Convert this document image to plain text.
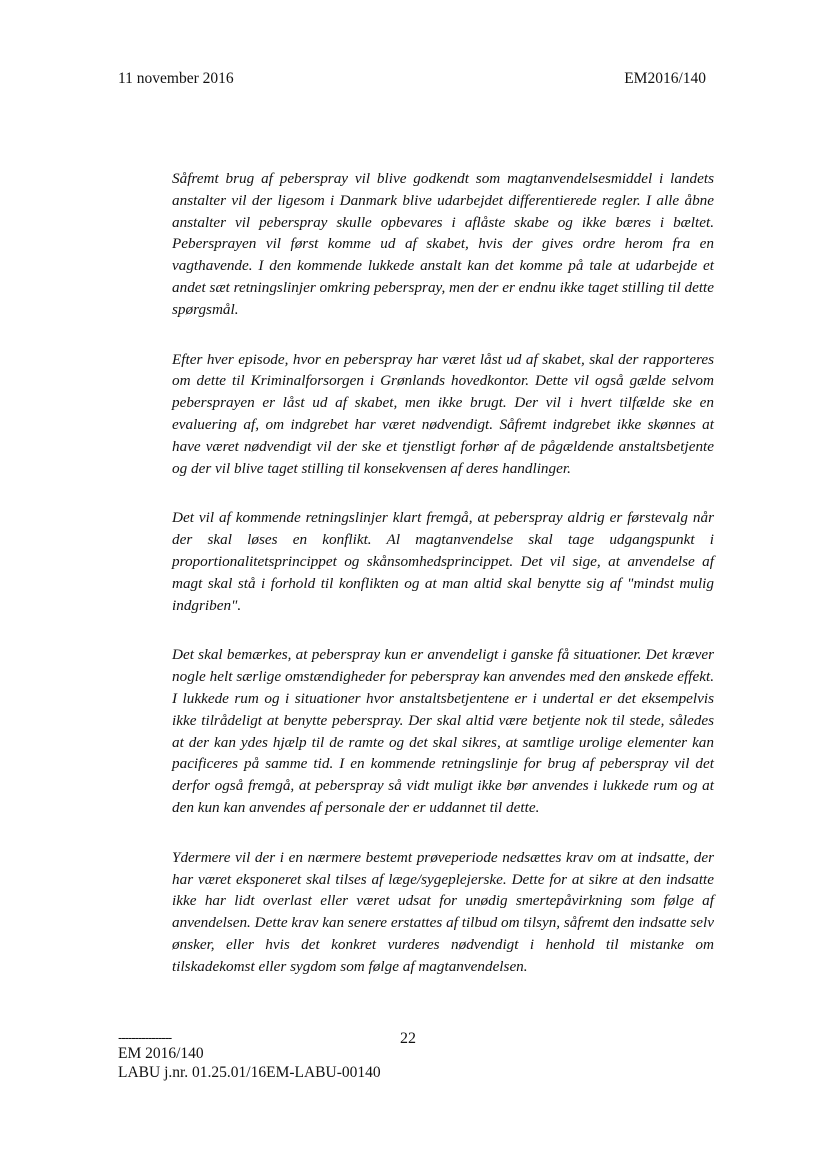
11 november 2016	EM2016/140

Såfremt brug af peberspray vil blive godkendt som magtanvendelsesmiddel i landets anstalter vil der ligesom i Danmark blive udarbejdet differentierede regler. I alle åbne anstalter vil peberspray skulle opbevares i aflåste skabe og ikke bæres i bæltet. Pebersprayen vil først komme ud af skabet, hvis der gives ordre herom fra en vagthavende. I den kommende lukkede anstalt kan det komme på tale at udarbejde et andet sæt retningslinjer omkring peberspray, men der er endnu ikke taget stilling til dette spørgsmål.

Efter hver episode, hvor en peberspray har været låst ud af skabet, skal der rapporteres om dette til Kriminalforsorgen i Grønlands hovedkontor. Dette vil også gælde selvom pebersprayen er låst ud af skabet, men ikke brugt. Der vil i hvert tilfælde ske en evaluering af, om indgrebet har været nødvendigt. Såfremt indgrebet ikke skønnes at have været nødvendigt vil der ske et tjenstligt forhør af de pågældende anstaltsbetjente og der vil blive taget stilling til konsekvensen af deres handlinger.

Det vil af kommende retningslinjer klart fremgå, at peberspray aldrig er førstevalg når der skal løses en konflikt. Al magtanvendelse skal tage udgangspunkt i proportionalitetsprincippet og skånsomhedsprincippet. Det vil sige, at anvendelse af magt skal stå i forhold til konflikten og at man altid skal benytte sig af "mindst mulig indgriben".

Det skal bemærkes, at peberspray kun er anvendeligt i ganske få situationer. Det kræver nogle helt særlige omstændigheder for peberspray kan anvendes med den ønskede effekt. I lukkede rum og i situationer hvor anstaltsbetjentene er i undertal er det eksempelvis ikke tilrådeligt at benytte peberspray. Der skal altid være betjente nok til stede, således at der kan ydes hjælp til de ramte og det skal sikres, at samtlige urolige elementer kan pacificeres på samme tid. I en kommende retningslinje for brug af peberspray vil det derfor også fremgå, at peberspray så vidt muligt ikke bør anvendes i lukkede rum og at den kun kan anvendes af personale der er uddannet til dette.

Ydermere vil der i en nærmere bestemt prøveperiode nedsættes krav om at indsatte, der har været eksponeret skal tilses af læge/sygeplejerske. Dette for at sikre at den indsatte ikke har lidt overlast eller været udsat for unødig smertepåvirkning som følge af anvendelsen. Dette krav kan senere erstattes af tilbud om tilsyn, såfremt den indsatte selv ønsker, eller hvis det konkret vurderes nødvendigt i henhold til mistanke om tilskadekomst eller sygdom som følge af magtanvendelsen.

----------------	22
EM 2016/140
LABU j.nr. 01.25.01/16EM-LABU-00140
